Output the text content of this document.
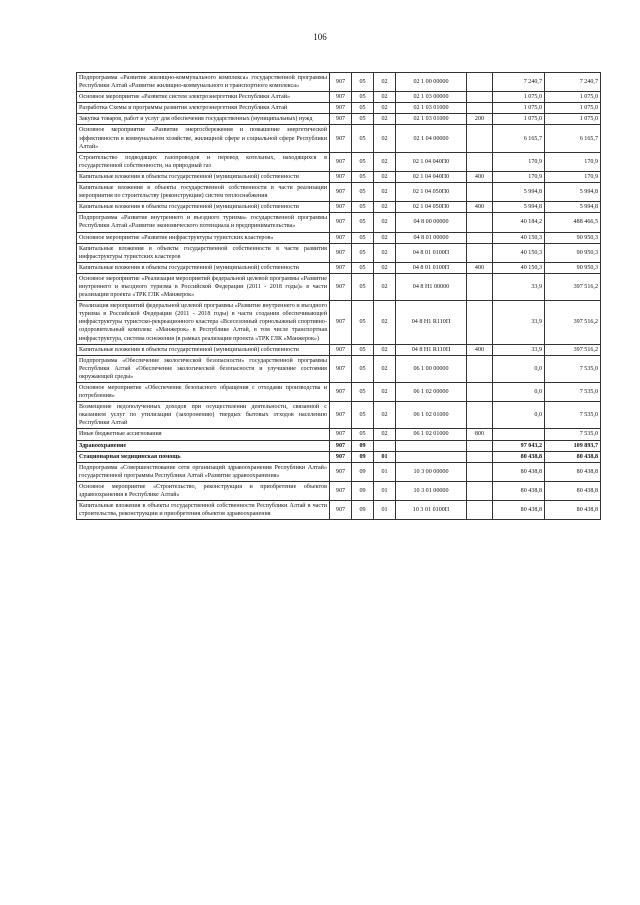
106
Подпрограмма «Развитие жилищно-коммунального комплекса» государственной программы Республики Алтай «Развитие жилищно-коммунального и транспортного комплекса»	907	05	02	02 1 00 00000		7 240,7	7 240,7
Основное мероприятие «Развитие систем электроэнергетики Республики Алтай»	907	05	02	02 1 03 00000		1 075,0	1 075,0
Разработка Схемы и программы развития электроэнергетики Республики Алтай	907	05	02	02 1 03 01000		1 075,0	1 075,0
Закупка товаров, работ и услуг для обеспечения государственных (муниципальных) нужд	907	05	02	02 1 03 01000	200	1 075,0	1 075,0
Основное мероприятие «Развитие энергосбережения и повышение энергетической эффективности в коммунальном хозяйстве, жилищной сфере и социальной сфере Республики Алтай»	907	05	02	02 1 04 00000		6 165,7	6 165,7
Строительство подводящих газопроводов и перевод котельных, находящихся в государственной собственности, на природный газ	907	05	02	02 1 04 040П0		170,9	170,9
Капитальные вложения в объекты государственной (муниципальной) собственности	907	05	02	02 1 04 040П0	400	170,9	170,9
Капитальные вложения в объекты государственной собственности в части реализации мероприятия по строительству (реконструкции) систем теплоснабжения	907	05	02	02 1 04 050П0		5 994,8	5 994,8
Капитальные вложения в объекты государственной (муниципальной) собственности	907	05	02	02 1 04 050П0	400	5 994,8	5 994,8
Подпрограмма «Развитие внутреннего и въездного туризма» государственной программы Республики Алтай «Развитие экономического потенциала и предпринимательства»	907	05	02	04 8 00 00000		40 184,2	488 466,5
Основное мероприятие «Развитие инфраструктуры туристских кластеров»	907	05	02	04 8 01 00000		40 150,3	90 950,3
Капитальные вложения в объекты государственной собственности в части развития инфраструктуры туристских кластеров	907	05	02	04 8 01 0100П		40 150,3	90 950,3
Капитальные вложения в объекты государственной (муниципальной) собственности	907	05	02	04 8 01 0100П	400	40 150,3	90 950,3
Основное мероприятие «Реализация мероприятий федеральной целевой программы «Развитие внутреннего и въездного туризма в Российской Федерации (2011 - 2018 годы)» в части реализации проекта «ТРК ГЛК «Манжерок»	907	05	02	04 8 Н1 00000		33,9	397 516,2
Реализация мероприятий федеральной целевой программы «Развитие внутреннего и въездного туризма в Российской Федерации (2011 - 2018 годы) в части создания обеспечивающей инфраструктуры туристско-рекреационного кластера «Всесезонный горнолыжный спортивно-оздоровительный комплекс «Манжерок» в Республике Алтай, в том числе транспортная инфраструктура, система оснежения (в рамках реализации проекта «ТРК ГЛК «Манжерок»)	907	05	02	04 8 Н1 R110П		33,9	397 516,2
Капитальные вложения в объекты государственной (муниципальной) собственности	907	05	02	04 8 Н1 R110П	400	33,9	397 516,2
Подпрограмма «Обеспечение экологической безопасности» государственной программы Республики Алтай «Обеспечение экологической безопасности и улучшение состояния окружающей среды»	907	05	02	06 1 00 00000		0,0	7 535,0
Основное мероприятие «Обеспечение безопасного обращения с отходами производства и потребления»	907	05	02	06 1 02 00000		0,0	7 535,0
Возмещение недополученных доходов при осуществлении деятельности, связанной с оказанием услуг по утилизации (захоронению) твердых бытовых отходов населению Республики Алтай	907	05	02	06 1 02 01000		0,0	7 535,0
Иные бюджетные ассигнования	907	05	02	06 1 02 01000	800		7 535,0
Здравоохранение	907	09				97 043,2	109 893,7
Стационарная медицинская помощь	907	09	01			80 438,8	80 438,8
Подпрограмма «Совершенствование сети организаций здравоохранения Республики Алтай» государственной программы Республики Алтай «Развитие здравоохранения»	907	09	01	10 3 00 00000		80 438,8	80 438,8
Основное мероприятие «Строительство, реконструкция и приобретение объектов здравоохранения в Республике Алтай»	907	09	01	10 3 01 00000		80 438,8	80 438,8
Капитальные вложения в объекты государственной собственности Республики Алтай в части строительства, реконструкции и приобретения объектов здравоохранения	907	09	01	10 3 01 0100П		80 438,8	80 438,8
